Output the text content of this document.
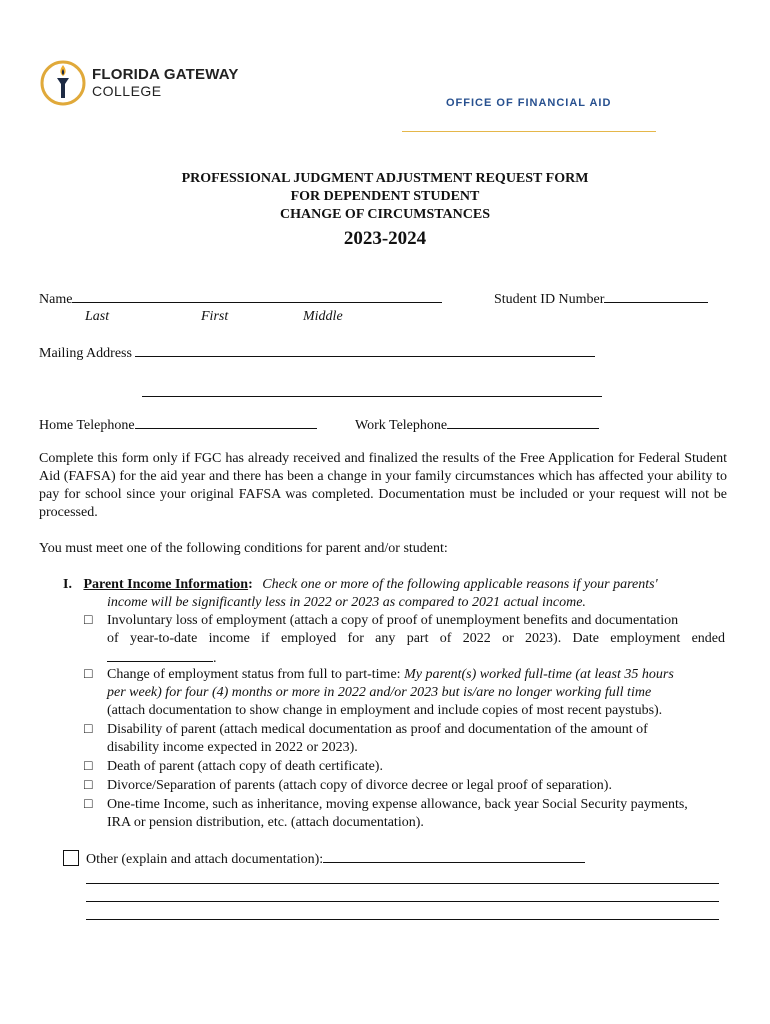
FLORIDA GATEWAY
COLLEGE
OFFICE OF FINANCIAL AID
PROFESSIONAL JUDGMENT ADJUSTMENT REQUEST FORM
FOR DEPENDENT STUDENT
CHANGE OF CIRCUMSTANCES
2023-2024
Name	Student ID Number
Last	First	Middle
Mailing Address
Home Telephone	Work Telephone
Complete this form only if FGC has already received and finalized the results of the Free Application for Federal Student Aid (FAFSA) for the aid year and there has been a change in your family circumstances which has affected your ability to pay for school since your original FAFSA was completed. Documentation must be included or your request will not be processed.
You must meet one of the following conditions for parent and/or student:
I. Parent Income Information: Check one or more of the following applicable reasons if your parents'
income will be significantly less in 2022 or 2023 as compared to 2021 actual income.
□ Involuntary loss of employment (attach a copy of proof of unemployment benefits and documentation
of year-to-date income if employed for any part of 2022 or 2023). Date employment ended
.
□ Change of employment status from full to part-time: My parent(s) worked full-time (at least 35 hours
per week) for four (4) months or more in 2022 and/or 2023 but is/are no longer working full time
(attach documentation to show change in employment and include copies of most recent paystubs).
□ Disability of parent (attach medical documentation as proof and documentation of the amount of
disability income expected in 2022 or 2023).
□ Death of parent (attach copy of death certificate).
□ Divorce/Separation of parents (attach copy of divorce decree or legal proof of separation).
□ One-time Income, such as inheritance, moving expense allowance, back year Social Security payments,
IRA or pension distribution, etc. (attach documentation).
Other (explain and attach documentation):
